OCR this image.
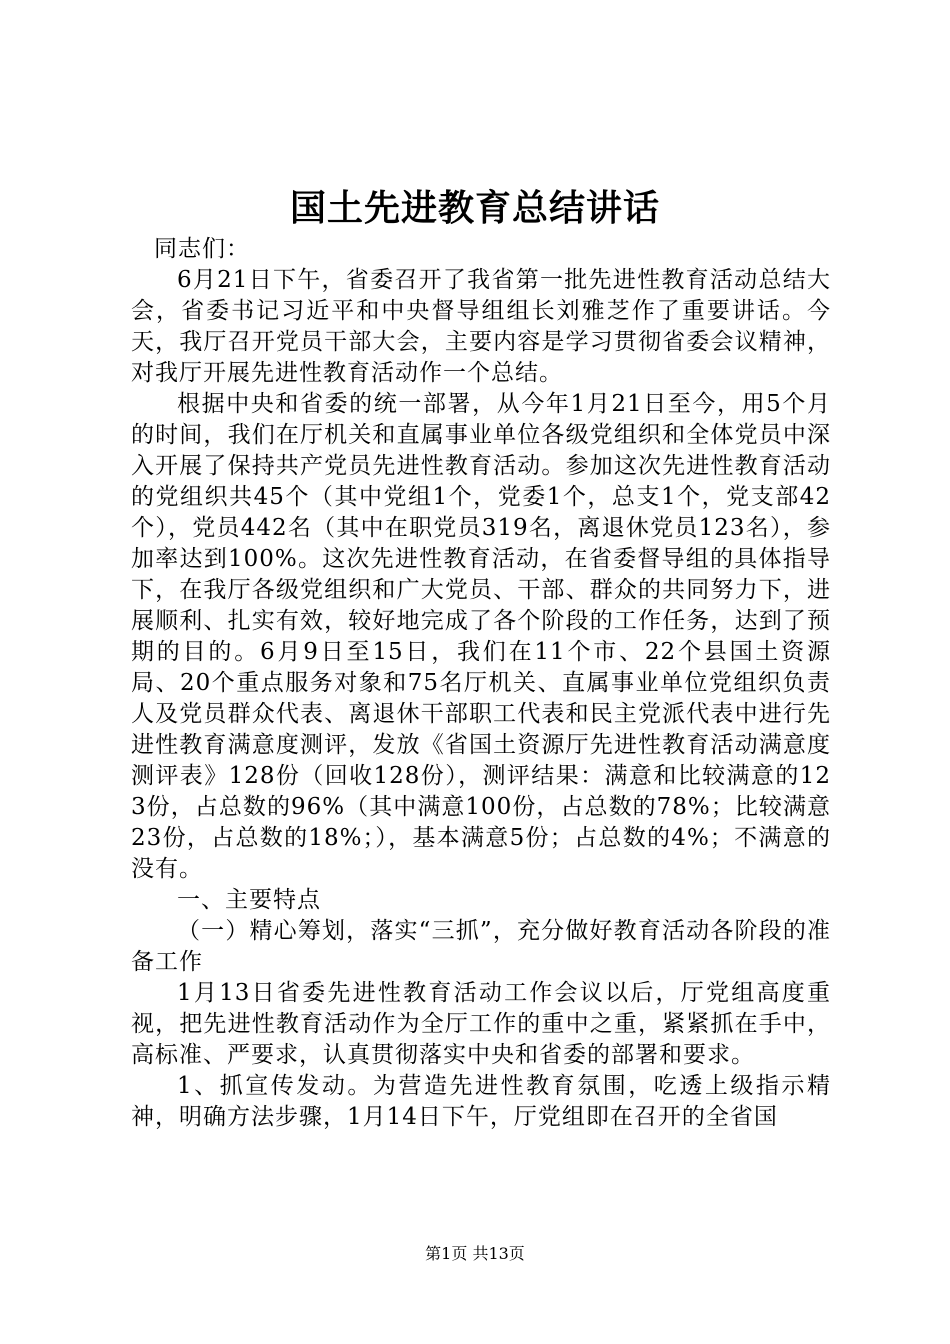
国土先进教育总结讲话

同志们：

6月21日下午，省委召开了我省第一批先进性教育活动总结大会，省委书记习近平和中央督导组组长刘雅芝作了重要讲话。今天，我厅召开党员干部大会，主要内容是学习贯彻省委会议精神，对我厅开展先进性教育活动作一个总结。

根据中央和省委的统一部署，从今年1月21日至今，用5个月的时间，我们在厅机关和直属事业单位各级党组织和全体党员中深入开展了保持共产党员先进性教育活动。参加这次先进性教育活动的党组织共45个（其中党组1个，党委1个，总支1个，党支部42个），党员442名（其中在职党员319名，离退休党员123名），参加率达到100%。这次先进性教育活动，在省委督导组的具体指导下，在我厅各级党组织和广大党员、干部、群众的共同努力下，进展顺利、扎实有效，较好地完成了各个阶段的工作任务，达到了预期的目的。6月9日至15日，我们在11个市、22个县国土资源局、20个重点服务对象和75名厅机关、直属事业单位党组织负责人及党员群众代表、离退休干部职工代表和民主党派代表中进行先进性教育满意度测评，发放《省国土资源厅先进性教育活动满意度测评表》128份（回收128份），测评结果：满意和比较满意的123份，占总数的96%（其中满意100份，占总数的78%；比较满意23份，占总数的18%；），基本满意5份；占总数的4%；不满意的没有。

一、主要特点

（一）精心筹划，落实“三抓”，充分做好教育活动各阶段的准备工作

1月13日省委先进性教育活动工作会议以后，厅党组高度重视，把先进性教育活动作为全厅工作的重中之重，紧紧抓在手中，高标准、严要求，认真贯彻落实中央和省委的部署和要求。

1、抓宣传发动。为营造先进性教育氛围，吃透上级指示精神，明确方法步骤，1月14日下午，厅党组即在召开的全省国

第1页 共13页
